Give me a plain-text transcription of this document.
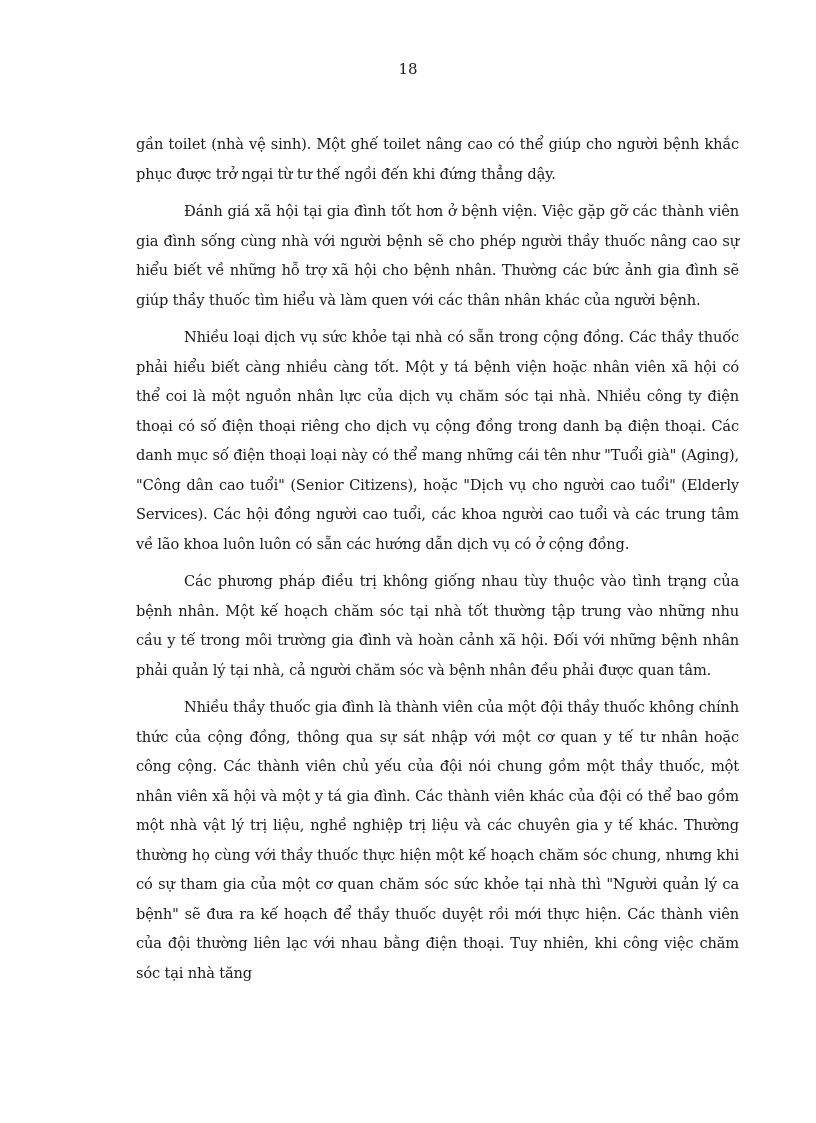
18

gần toilet (nhà vệ sinh). Một ghế toilet nâng cao có thể giúp cho người bệnh khắc phục được trở ngại từ tư thế ngồi đến khi đứng thẳng dậy.

Đánh giá xã hội tại gia đình tốt hơn ở bệnh viện. Việc gặp gỡ các thành viên gia đình sống cùng nhà với người bệnh sẽ cho phép người thầy thuốc nâng cao sự hiểu biết về những hỗ trợ xã hội cho bệnh nhân. Thường các bức ảnh gia đình sẽ giúp thầy thuốc tìm hiểu và làm quen với các thân nhân khác của người bệnh.

Nhiều loại dịch vụ sức khỏe tại nhà có sẵn trong cộng đồng. Các thầy thuốc phải hiểu biết càng nhiều càng tốt. Một y tá bệnh viện hoặc nhân viên xã hội có thể coi là một nguồn nhân lực của dịch vụ chăm sóc tại nhà. Nhiều công ty điện thoại có số điện thoại riêng cho dịch vụ cộng đồng trong danh bạ điện thoại. Các danh mục số điện thoại loại này có thể mang những cái tên như "Tuổi già" (Aging), "Công dân cao tuổi" (Senior Citizens), hoặc "Dịch vụ cho người cao tuổi" (Elderly Services). Các hội đồng người cao tuổi, các khoa người cao tuổi và các trung tâm về lão khoa luôn luôn có sẵn các hướng dẫn dịch vụ có ở cộng đồng.

Các phương pháp điều trị không giống nhau tùy thuộc vào tình trạng của bệnh nhân. Một kế hoạch chăm sóc tại nhà tốt thường tập trung vào những nhu cầu y tế trong môi trường gia đình và hoàn cảnh xã hội. Đối với những bệnh nhân phải quản lý tại nhà, cả người chăm sóc và bệnh nhân đều phải được quan tâm.

Nhiều thầy thuốc gia đình là thành viên của một đội thầy thuốc không chính thức của cộng đồng, thông qua sự sát nhập với một cơ quan y tế tư nhân hoặc công cộng. Các thành viên chủ yếu của đội nói chung gồm một thầy thuốc, một nhân viên xã hội và một y tá gia đình. Các thành viên khác của đội có thể bao gồm một nhà vật lý trị liệu, nghề nghiệp trị liệu và các chuyên gia y tế khác. Thường thường họ cùng với thầy thuốc thực hiện một kế hoạch chăm sóc chung, nhưng khi có sự tham gia của một cơ quan chăm sóc sức khỏe tại nhà thì "Người quản lý ca bệnh" sẽ đưa ra kế hoạch để thầy thuốc duyệt rồi mới thực hiện. Các thành viên của đội thường liên lạc với nhau bằng điện thoại. Tuy nhiên, khi công việc chăm sóc tại nhà tăng
